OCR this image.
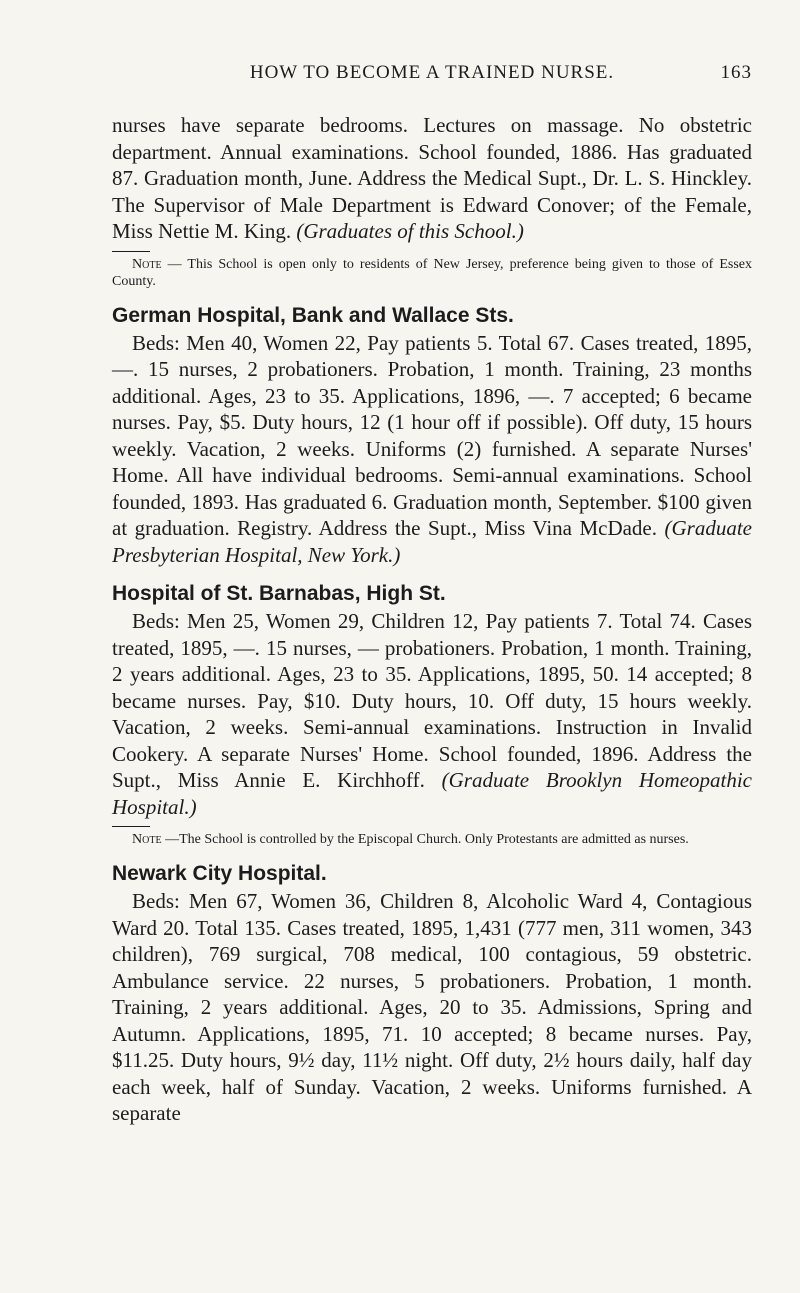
HOW TO BECOME A TRAINED NURSE.	163

nurses have separate bedrooms. Lectures on massage. No obstetric department. Annual examinations. School founded, 1886. Has graduated 87. Graduation month, June. Address the Medical Supt., Dr. L. S. Hinckley. The Supervisor of Male Department is Edward Conover; of the Female, Miss Nettie M. King. (Graduates of this School.)

Note — This School is open only to residents of New Jersey, preference being given to those of Essex County.

German Hospital, Bank and Wallace Sts.

Beds: Men 40, Women 22, Pay patients 5. Total 67. Cases treated, 1895, —. 15 nurses, 2 probationers. Probation, 1 month. Training, 23 months additional. Ages, 23 to 35. Applications, 1896, —. 7 accepted; 6 became nurses. Pay, $5. Duty hours, 12 (1 hour off if possible). Off duty, 15 hours weekly. Vacation, 2 weeks. Uniforms (2) furnished. A separate Nurses' Home. All have individual bedrooms. Semi-annual examinations. School founded, 1893. Has graduated 6. Graduation month, September. $100 given at graduation. Registry. Address the Supt., Miss Vina McDade. (Graduate Presbyterian Hospital, New York.)

Hospital of St. Barnabas, High St.

Beds: Men 25, Women 29, Children 12, Pay patients 7. Total 74. Cases treated, 1895, —. 15 nurses, — probationers. Probation, 1 month. Training, 2 years additional. Ages, 23 to 35. Applications, 1895, 50. 14 accepted; 8 became nurses. Pay, $10. Duty hours, 10. Off duty, 15 hours weekly. Vacation, 2 weeks. Semi-annual examinations. Instruction in Invalid Cookery. A separate Nurses' Home. School founded, 1896. Address the Supt., Miss Annie E. Kirchhoff. (Graduate Brooklyn Homeopathic Hospital.)

Note —The School is controlled by the Episcopal Church. Only Protestants are admitted as nurses.

Newark City Hospital.

Beds: Men 67, Women 36, Children 8, Alcoholic Ward 4, Contagious Ward 20. Total 135. Cases treated, 1895, 1,431 (777 men, 311 women, 343 children), 769 surgical, 708 medical, 100 contagious, 59 obstetric. Ambulance service. 22 nurses, 5 probationers. Probation, 1 month. Training, 2 years additional. Ages, 20 to 35. Admissions, Spring and Autumn. Applications, 1895, 71. 10 accepted; 8 became nurses. Pay, $11.25. Duty hours, 9½ day, 11½ night. Off duty, 2½ hours daily, half day each week, half of Sunday. Vacation, 2 weeks. Uniforms furnished. A separate
